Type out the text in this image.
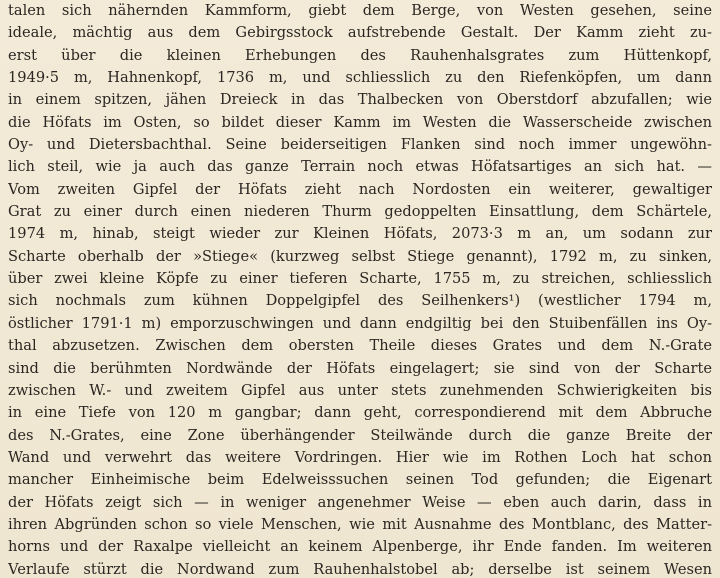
talen sich nähernden Kammform, giebt dem Berge, von Westen gesehen, seine
ideale, mächtig aus dem Gebirgsstock aufstrebende Gestalt. Der Kamm zieht zu-
erst über die kleinen Erhebungen des Rauhenhalsgrates zum Hüttenkopf,
1949·5 m, Hahnenkopf, 1736 m, und schliesslich zu den Riefenköpfen, um dann
in einem spitzen, jähen Dreieck in das Thalbecken von Oberstdorf abzufallen; wie
die Höfats im Osten, so bildet dieser Kamm im Westen die Wasserscheide zwischen
Oy- und Dietersbachthal. Seine beiderseitigen Flanken sind noch immer ungewöhn-
lich steil, wie ja auch das ganze Terrain noch etwas Höfatsartiges an sich hat. —
Vom zweiten Gipfel der Höfats zieht nach Nordosten ein weiterer, gewaltiger
Grat zu einer durch einen niederen Thurm gedoppelten Einsattlung, dem Schärtele,
1974 m, hinab, steigt wieder zur Kleinen Höfats, 2073·3 m an, um sodann zur
Scharte oberhalb der »Stiege« (kurzweg selbst Stiege genannt), 1792 m, zu sinken,
über zwei kleine Köpfe zu einer tieferen Scharte, 1755 m, zu streichen, schliesslich
sich nochmals zum kühnen Doppelgipfel des Seilhenkers¹) (westlicher 1794 m,
östlicher 1791·1 m) emporzuschwingen und dann endgiltig bei den Stuibenfällen ins Oy-
thal abzusetzen. Zwischen dem obersten Theile dieses Grates und dem N.-Grate
sind die berühmten Nordwände der Höfats eingelagert; sie sind von der Scharte
zwischen W.- und zweitem Gipfel aus unter stets zunehmenden Schwierigkeiten bis
in eine Tiefe von 120 m gangbar; dann geht, correspondierend mit dem Abbruche
des N.-Grates, eine Zone überhängender Steilwände durch die ganze Breite der
Wand und verwehrt das weitere Vordringen. Hier wie im Rothen Loch hat schon
mancher Einheimische beim Edelweisssuchen seinen Tod gefunden; die Eigenart
der Höfats zeigt sich — in weniger angenehmer Weise — eben auch darin, dass in
ihren Abgründen schon so viele Menschen, wie mit Ausnahme des Montblanc, des Matter-
horns und der Raxalpe vielleicht an keinem Alpenberge, ihr Ende fanden. Im weiteren
Verlaufe stürzt die Nordwand zum Rauhenhalstobel ab; derselbe ist seinem Wesen
